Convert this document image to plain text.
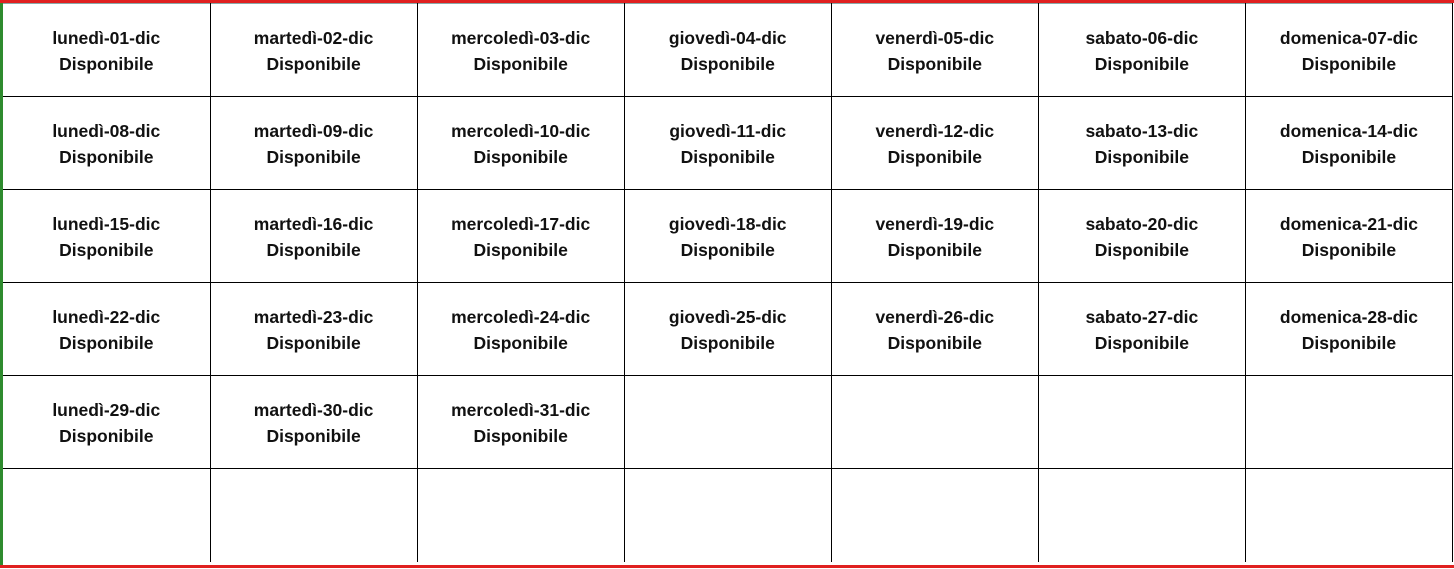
lunedì-01-dic
Disponibile	martedì-02-dic
Disponibile	mercoledì-03-dic
Disponibile	giovedì-04-dic
Disponibile	venerdì-05-dic
Disponibile	sabato-06-dic
Disponibile	domenica-07-dic
Disponibile

lunedì-08-dic
Disponibile	martedì-09-dic
Disponibile	mercoledì-10-dic
Disponibile	giovedì-11-dic
Disponibile	venerdì-12-dic
Disponibile	sabato-13-dic
Disponibile	domenica-14-dic
Disponibile

lunedì-15-dic
Disponibile	martedì-16-dic
Disponibile	mercoledì-17-dic
Disponibile	giovedì-18-dic
Disponibile	venerdì-19-dic
Disponibile	sabato-20-dic
Disponibile	domenica-21-dic
Disponibile

lunedì-22-dic
Disponibile	martedì-23-dic
Disponibile	mercoledì-24-dic
Disponibile	giovedì-25-dic
Disponibile	venerdì-26-dic
Disponibile	sabato-27-dic
Disponibile	domenica-28-dic
Disponibile

lunedì-29-dic
Disponibile	martedì-30-dic
Disponibile	mercoledì-31-dic
Disponibile				
